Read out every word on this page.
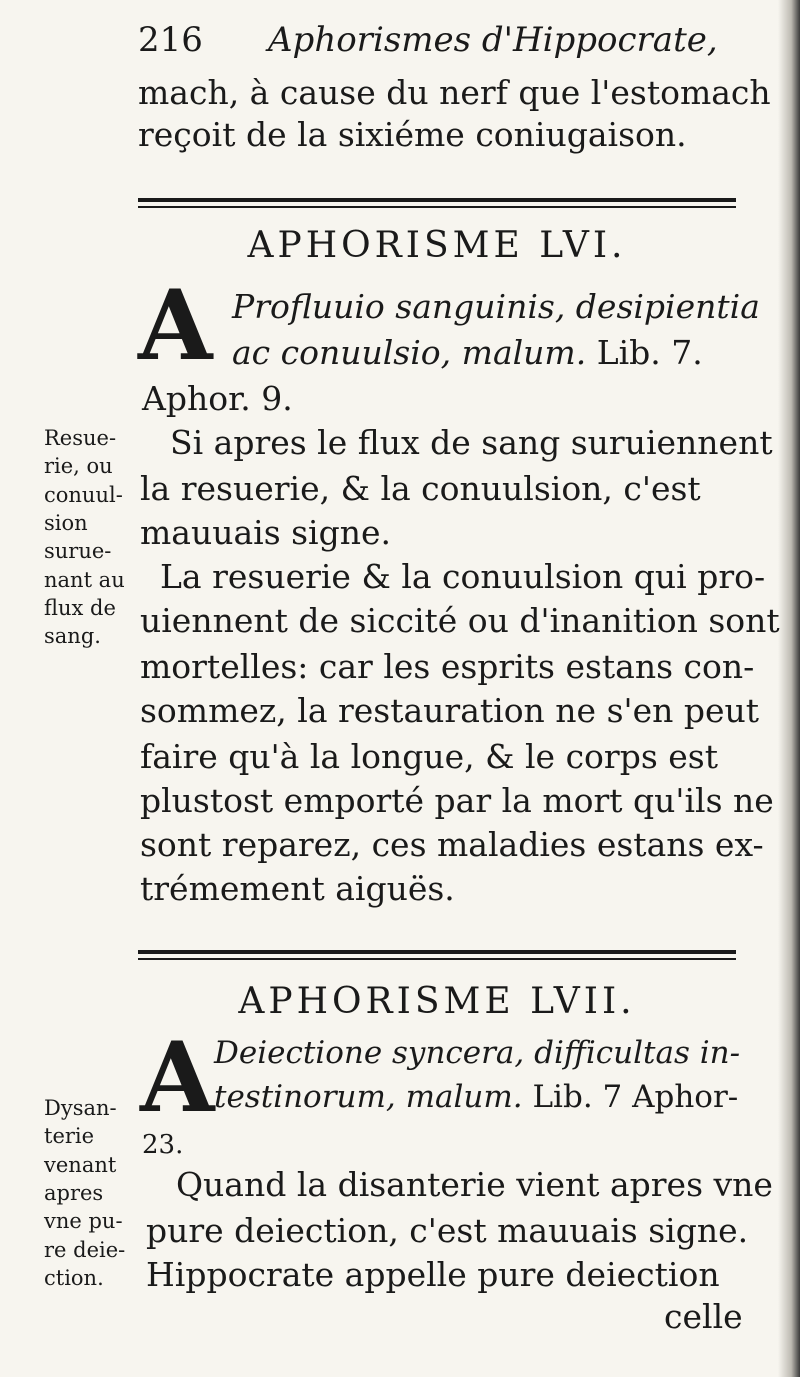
216 Aphorismes d'Hippocrate,
mach, à cause du nerf que l'estomach
reçoit de la sixiéme coniugaison.
APHORISME LVI.
A Profluuio sanguinis, desipientia
ac conuulsio, malum. Lib. 7.
Aphor. 9.
Resue-
rie, ou
conuul-
sion
surue-
nant au
flux de
sang.
Si apres le flux de sang suruiennent
la resuerie, & la conuulsion, c'est
mauuais signe.
La resuerie & la conuulsion qui pro-
uiennent de siccité ou d'inanition sont
mortelles: car les esprits estans con-
sommez, la restauration ne s'en peut
faire qu'à la longue, & le corps est
plustost emporté par la mort qu'ils ne
sont reparez, ces maladies estans ex-
trémement aiguës.
APHORISME LVII.
A Deiectione syncera, difficultas in-
testinorum, malum. Lib. 7 Aphor-
23.
Dysan-
terie
venant
apres
vne pu-
re deie-
ction.
Quand la disanterie vient apres vne
pure deiection, c'est mauuais signe.
Hippocrate appelle pure deiection
celle
